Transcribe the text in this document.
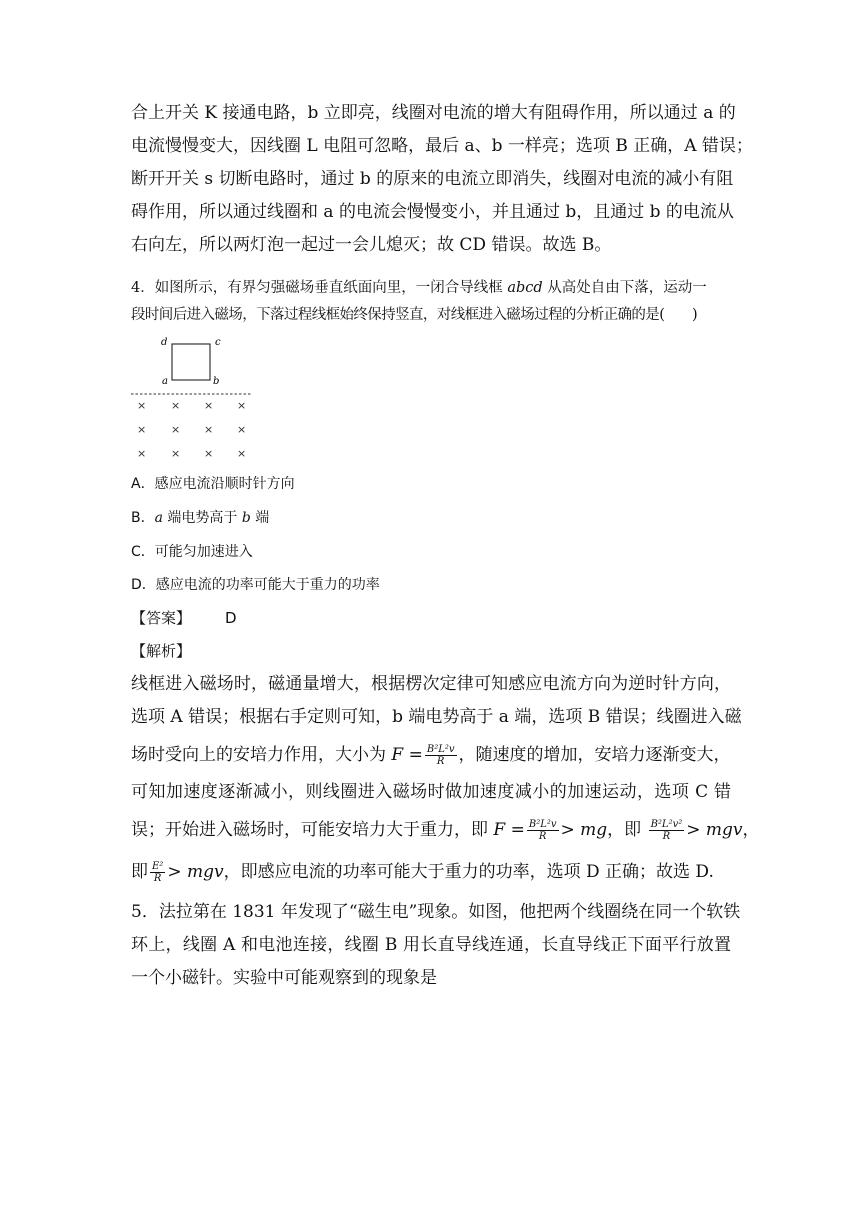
合上开关 K 接通电路，b 立即亮，线圈对电流的增大有阻碍作用，所以通过 a 的
电流慢慢变大，因线圈 L 电阻可忽略，最后 a、b 一样亮；选项 B 正确，A 错误；
断开开关 s 切断电路时，通过 b 的原来的电流立即消失，线圈对电流的减小有阻
碍作用，所以通过线圈和 a 的电流会慢慢变小，并且通过 b，且通过 b 的电流从
右向左，所以两灯泡一起过一会儿熄灭；故 CD 错误。故选 B。
4．如图所示，有界匀强磁场垂直纸面向里，一闭合导线框 abcd 从高处自由下落，运动一
段时间后进入磁场，下落过程线框始终保持竖直，对线框进入磁场过程的分析正确的是(　　)
d	c
a	b
× × × ×
× × × ×
× × × ×
A．感应电流沿顺时针方向
B．a 端电势高于 b 端
C．可能匀加速进入
D．感应电流的功率可能大于重力的功率
【答案】 D
【解析】
线框进入磁场时，磁通量增大，根据楞次定律可知感应电流方向为逆时针方向，
选项 A 错误；根据右手定则可知，b 端电势高于 a 端，选项 B 错误；线圈进入磁
场时受向上的安培力作用，大小为 $F = \frac{\text{B²L²v}}{R}$ ，随速度的增加，安培力逐渐变大，
可知加速度逐渐减小，则线圈进入磁场时做加速度减小的加速运动，选项 C 错
误；开始进入磁场时，可能安培力大于重力，即 $F = \frac{\text{B²L²v}}{R}$ > mg，即 $\frac{\text{B²L²v²}}{R}$ > mgv，
即 $\frac{\text{E²}}{R}$ > mgv，即感应电流的功率可能大于重力的功率，选项 D 正确；故选 D.
5．法拉第在 1831 年发现了“磁生电”现象。如图，他把两个线圈绕在同一个软铁
环上，线圈 A 和电池连接，线圈 B 用长直导线连通，长直导线正下面平行放置
一个小磁针。实验中可能观察到的现象是
